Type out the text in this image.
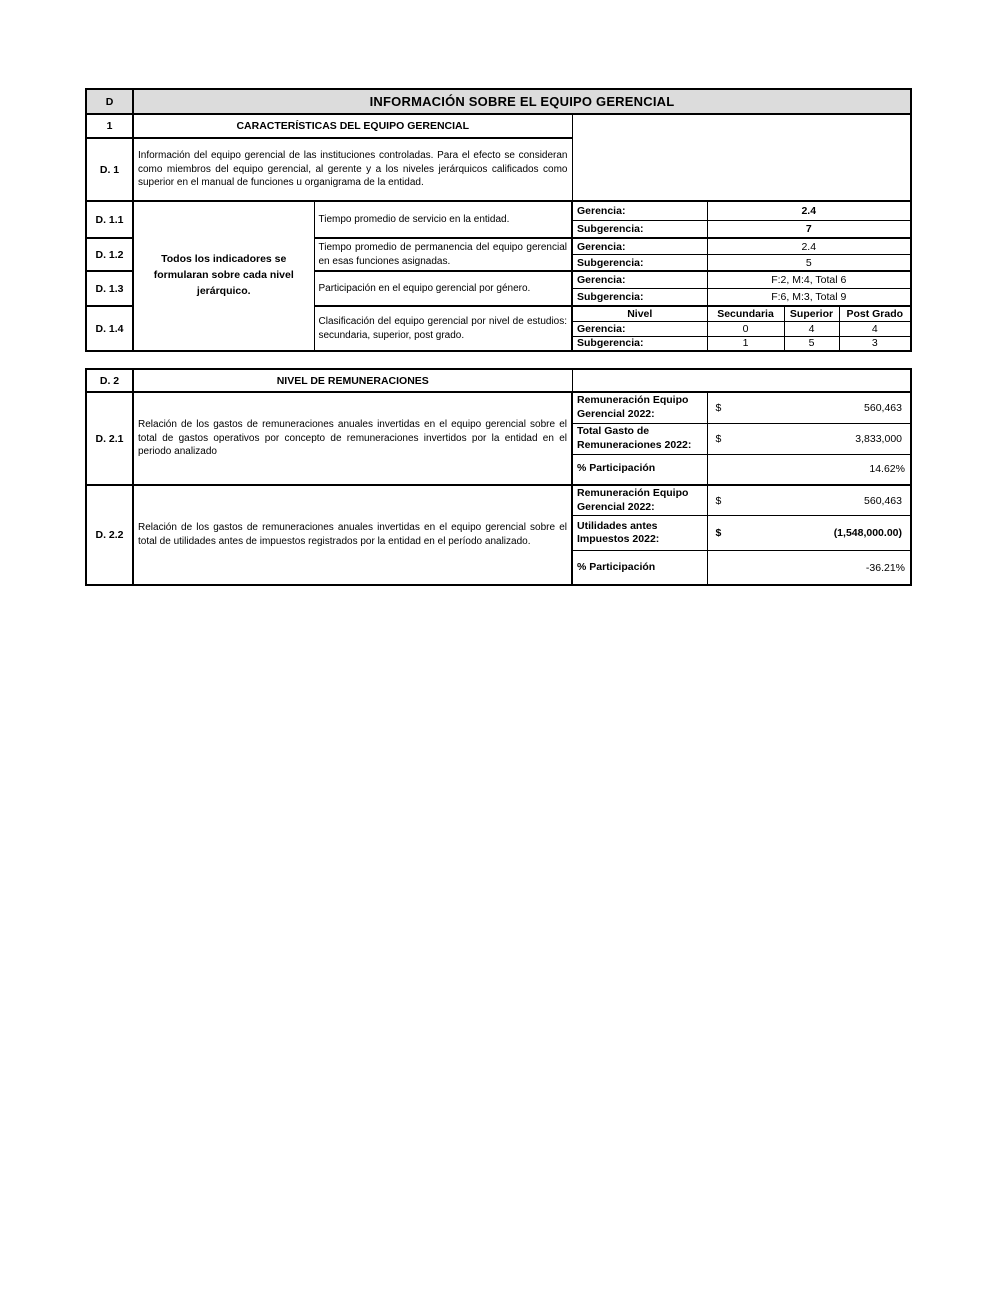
D	INFORMACIÓN SOBRE EL EQUIPO GERENCIAL					
1	CARACTERÍSTICAS DEL EQUIPO GERENCIAL					
D. 1	Información del equipo gerencial de las instituciones controladas. Para el efecto se consideran como miembros del equipo gerencial, al gerente y a los niveles jerárquicos calificados como superior en el manual de funciones u organigrama de la entidad.					
D. 1.1	Todos los indicadores se formularan sobre cada nivel jerárquico.	Tiempo promedio de servicio en la entidad.	Gerencia:	2.4		
			Subgerencia:	7		
D. 1.2		Tiempo promedio de permanencia del equipo gerencial en esas funciones asignadas.	Gerencia:	2.4		
			Subgerencia:	5		
D. 1.3		Participación en el equipo gerencial por género.	Gerencia:	F:2, M:4, Total 6		
			Subgerencia:	F:6, M:3, Total 9		
D. 1.4		Clasificación del equipo gerencial por nivel de estudios: secundaria, superior, post grado.	Nivel	Secundaria	Superior	Post Grado
			Gerencia:	0	4	4
			Subgerencia:	1	5	3
D. 2	NIVEL DE REMUNERACIONES		
D. 2.1	Relación de los gastos de remuneraciones anuales invertidas en el equipo gerencial sobre el total de gastos operativos por concepto de remuneraciones invertidos por la entidad en el periodo analizado	Remuneración Equipo Gerencial 2022:	$ 560,463

		Total Gasto de Remuneraciones 2022:	$ 3,833,000

		% Participación	14.62%
D. 2.2	Relación de los gastos de remuneraciones anuales invertidas en el equipo gerencial sobre el total de utilidades antes de impuestos registrados por la entidad en el período analizado.	Remuneración Equipo Gerencial 2022:	$ 560,463

		Utilidades antes Impuestos 2022:	$ (1,548,000.00)

		% Participación	-36.21%
